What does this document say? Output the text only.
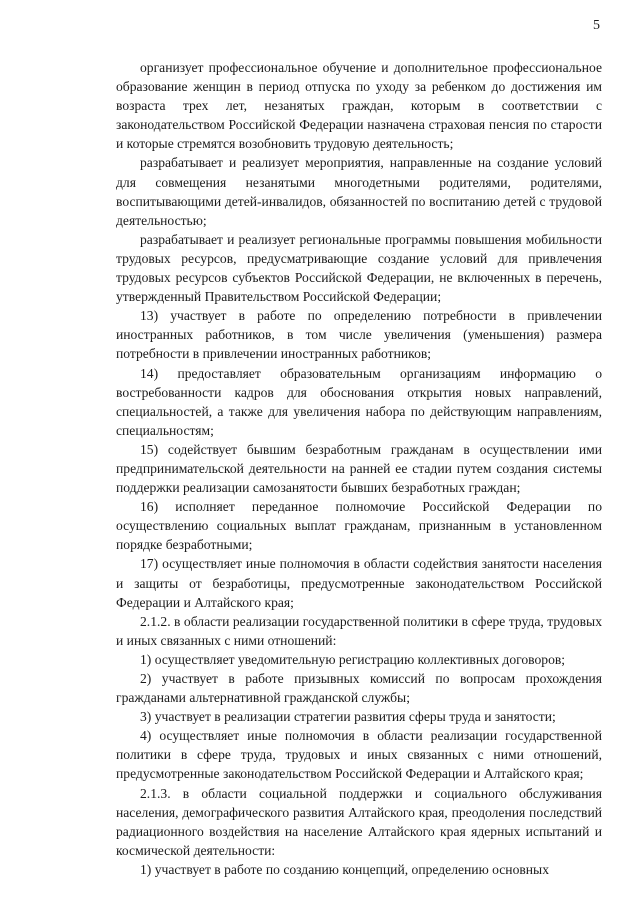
5

организует профессиональное обучение и дополнительное профессиональное образование женщин в период отпуска по уходу за ребенком до достижения им возраста трех лет, незанятых граждан, которым в соответствии с законодательством Российской Федерации назначена страховая пенсия по старости и которые стремятся возобновить трудовую деятельность;

разрабатывает и реализует мероприятия, направленные на создание условий для совмещения незанятыми многодетными родителями, родителями, воспитывающими детей-инвалидов, обязанностей по воспитанию детей с трудовой деятельностью;

разрабатывает и реализует региональные программы повышения мобильности трудовых ресурсов, предусматривающие создание условий для привлечения трудовых ресурсов субъектов Российской Федерации, не включенных в перечень, утвержденный Правительством Российской Федерации;

13) участвует в работе по определению потребности в привлечении иностранных работников, в том числе увеличения (уменьшения) размера потребности в привлечении иностранных работников;

14) предоставляет образовательным организациям информацию о востребованности кадров для обоснования открытия новых направлений, специальностей, а также для увеличения набора по действующим направлениям, специальностям;

15) содействует бывшим безработным гражданам в осуществлении ими предпринимательской деятельности на ранней ее стадии путем создания системы поддержки реализации самозанятости бывших безработных граждан;

16) исполняет переданное полномочие Российской Федерации по осуществлению социальных выплат гражданам, признанным в установленном порядке безработными;

17) осуществляет иные полномочия в области содействия занятости населения и защиты от безработицы, предусмотренные законодательством Российской Федерации и Алтайского края;

2.1.2. в области реализации государственной политики в сфере труда, трудовых и иных связанных с ними отношений:

1) осуществляет уведомительную регистрацию коллективных договоров;

2) участвует в работе призывных комиссий по вопросам прохождения гражданами альтернативной гражданской службы;

3) участвует в реализации стратегии развития сферы труда и занятости;

4) осуществляет иные полномочия в области реализации государственной политики в сфере труда, трудовых и иных связанных с ними отношений, предусмотренные законодательством Российской Федерации и Алтайского края;

2.1.3. в области социальной поддержки и социального обслуживания населения, демографического развития Алтайского края, преодоления последствий радиационного воздействия на население Алтайского края ядерных испытаний и космической деятельности:

1) участвует в работе по созданию концепций, определению основных
